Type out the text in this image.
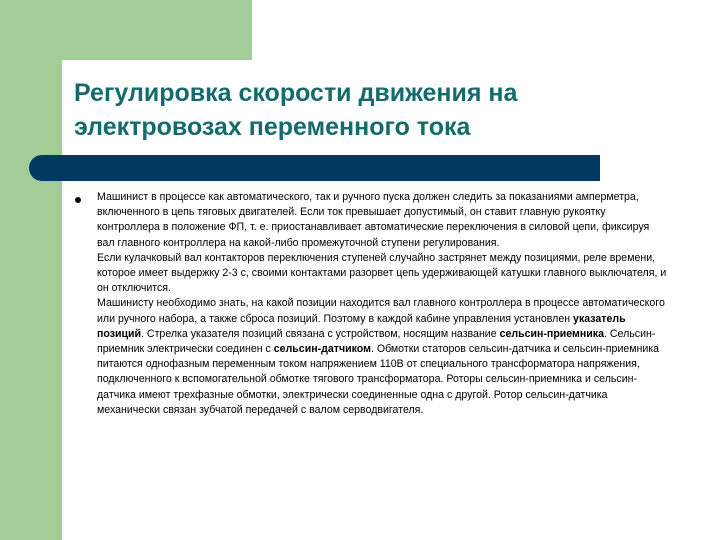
Регулировка скорости движения на электровозах переменного тока

Машинист в процессе как автоматического, так и ручного пуска должен следить за показаниями амперметра, включенного в цепь тяговых двигателей. Если ток превышает допустимый, он ставит главную рукоятку контроллера в положение ФП, т. е. приостанавливает автоматические переключения в силовой цепи, фиксируя вал главного контроллера на какой-либо промежуточной ступени регулирования.

Если кулачковый вал контакторов переключения ступеней случайно застрянет между позициями, реле времени, которое имеет выдержку 2-3 с, своими контактами разорвет цепь удерживающей катушки главного выключателя, и он отключится.

Машинисту необходимо знать, на какой позиции находится вал главного контроллера в процессе автоматического или ручного набора, а также сброса позиций. Поэтому в каждой кабине управления установлен указатель позиций. Стрелка указателя позиций связана с устройством, носящим название сельсин-приемника. Сельсин-приемник электрически соединен с сельсин-датчиком. Обмотки статоров сельсин-датчика и сельсин-приемника питаются однофазным переменным током напряжением 110В от специального трансформатора напряжения, подключенного к вспомогательной обмотке тягового трансформатора. Роторы сельсин-приемника и сельсин-датчика имеют трехфазные обмотки, электрически соединенные одна с другой. Ротор сельсин-датчика механически связан зубчатой передачей с валом серводвигателя.
